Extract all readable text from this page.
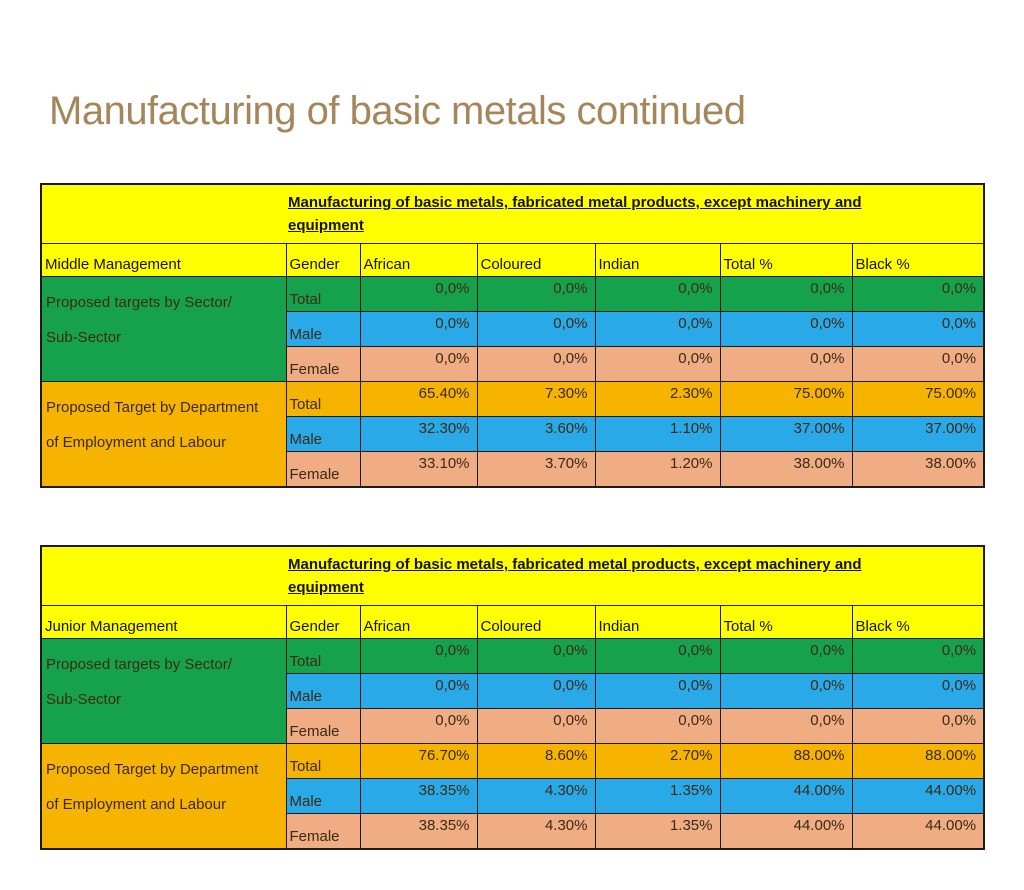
Manufacturing of basic metals continued
Manufacturing of basic metals, fabricated metal products, except machinery and
equipment						

Middle Management	Gender	African	Coloured	Indian	Total %	Black %

Proposed targets by Sector/
Sub-Sector	Total	0,0%	0,0%	0,0%	0,0%	0,0%
	Male	0,0%	0,0%	0,0%	0,0%	0,0%
	Female	0,0%	0,0%	0,0%	0,0%	0,0%

Proposed Target by Department
of Employment and Labour	Total	65.40%	7.30%	2.30%	75.00%	75.00%
	Male	32.30%	3.60%	1.10%	37.00%	37.00%
	Female	33.10%	3.70%	1.20%	38.00%	38.00%
Manufacturing of basic metals, fabricated metal products, except machinery and
equipment						

Junior Management	Gender	African	Coloured	Indian	Total %	Black %

Proposed targets by Sector/
Sub-Sector	Total	0,0%	0,0%	0,0%	0,0%	0,0%
	Male	0,0%	0,0%	0,0%	0,0%	0,0%
	Female	0,0%	0,0%	0,0%	0,0%	0,0%

Proposed Target by Department
of Employment and Labour	Total	76.70%	8.60%	2.70%	88.00%	88.00%
	Male	38.35%	4.30%	1.35%	44.00%	44.00%
	Female	38.35%	4.30%	1.35%	44.00%	44.00%
